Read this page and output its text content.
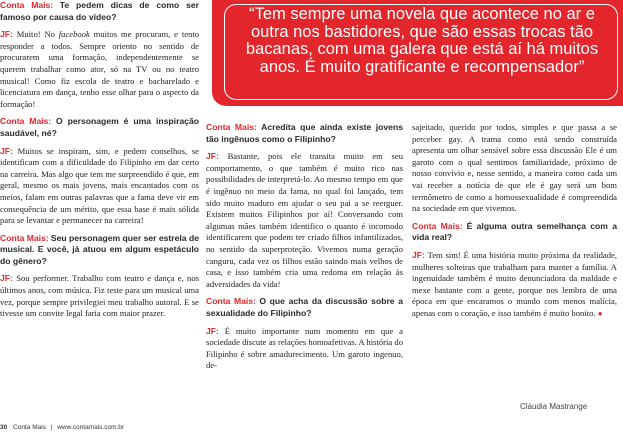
“Tem sempre uma novela que acontece no ar e outra nos bastidores, que são essas trocas tão bacanas, com uma galera que está aí há muitos anos. É muito gratificante e recompensador”

Conta Mais: Te pedem dicas de como ser famoso por causa do vídeo?

JF: Muito! No facebook muitos me procuram, e tento responder a todos. Sempre oriento no sentido de procurarem uma formação, independentemente se querem trabalhar como ator, só na TV ou no teatro musical! Como fiz escola de teatro e bacharelado e licenciatura em dança, tenho esse olhar para o aspecto da formação!

Conta Mais: O personagem é uma inspiração saudável, né?

JF: Muitos se inspiram, sim, e pedem conselhos, se identificam com a dificuldade do Filipinho em dar certo na carreira. Mas algo que tem me surpreendido é que, em geral, mesmo os mais jovens, mais encantados com os meios, falam em outras palavras que a fama deve vir em consequência de um mérito, que essa base é mais sólida para se levantar e permanecer na carreira!

Conta Mais: Seu personagem quer ser estrela de musical. E você, já atuou em algum espetáculo do gênero?

JF: Sou performer. Trabalho com teatro e dança e, nos últimos anos, com música. Fiz teste para um musical uma vez, porque sempre privilegiei meu trabalho autoral. E se tivesse um convite legal faria com maior prazer.

Conta Mais: Acredita que ainda existe jovens tão ingênuos como o Filipinho?

JF: Bastante, pois ele transita muito em seu comportamento, o que também é muito rico nas possibilidades de interpretá-lo. Ao mesmo tempo em que é ingênuo no meio da fama, no qual foi lançado, tem sido muito maduro em ajudar o seu pai a se reerguer. Existem muitos Filipinhos por aí! Conversando com algumas mães também identifico o quanto é incomodo identificarem que podem ter criado filhos infantilizados, no sentido da superproteção. Vivemos numa geração canguru, cada vez os filhos estão saindo mais velhos de casa, e isso também cria uma redoma em relação às adversidades da vida!

Conta Mais: O que acha da discussão sobre a sexualidade do Filipinho?

JF: É muito importante num momento em que a sociedade discute as relações homoafetivas. A história do Filipinho é sobre amadurecimento. Um garoto ingenuo, de-

sajeitado, querido por todos, simples e que passa a se perceber gay. A trama como está sendo construída apresenta um olhar sensível sobre essa discussão Ele é um garoto com o qual sentimos familiaridade, próximo de nosso convívio e, nesse sentido, a maneira como cada um vai receber a notícia de que ele é gay será um bom termômetro de como a homossexualidade é compreendida na sociedade em que vivemos.

Conta Mais: É alguma outra semelhança com a vida real?

JF: Tem sim! É uma história muito próxima da realidade, mulheres solteiras que trabalham para manter a família. A ingenuidade também é muito denunciadora da maldade e mexe bastante com a gente, porque nos lembra de uma época em que encaramos o mundo com menos malícia, apenas com o coração, e isso também é muito bonito. ●

Cláudia Mastrange
30 Conta Mais | www.contamais.com.br
